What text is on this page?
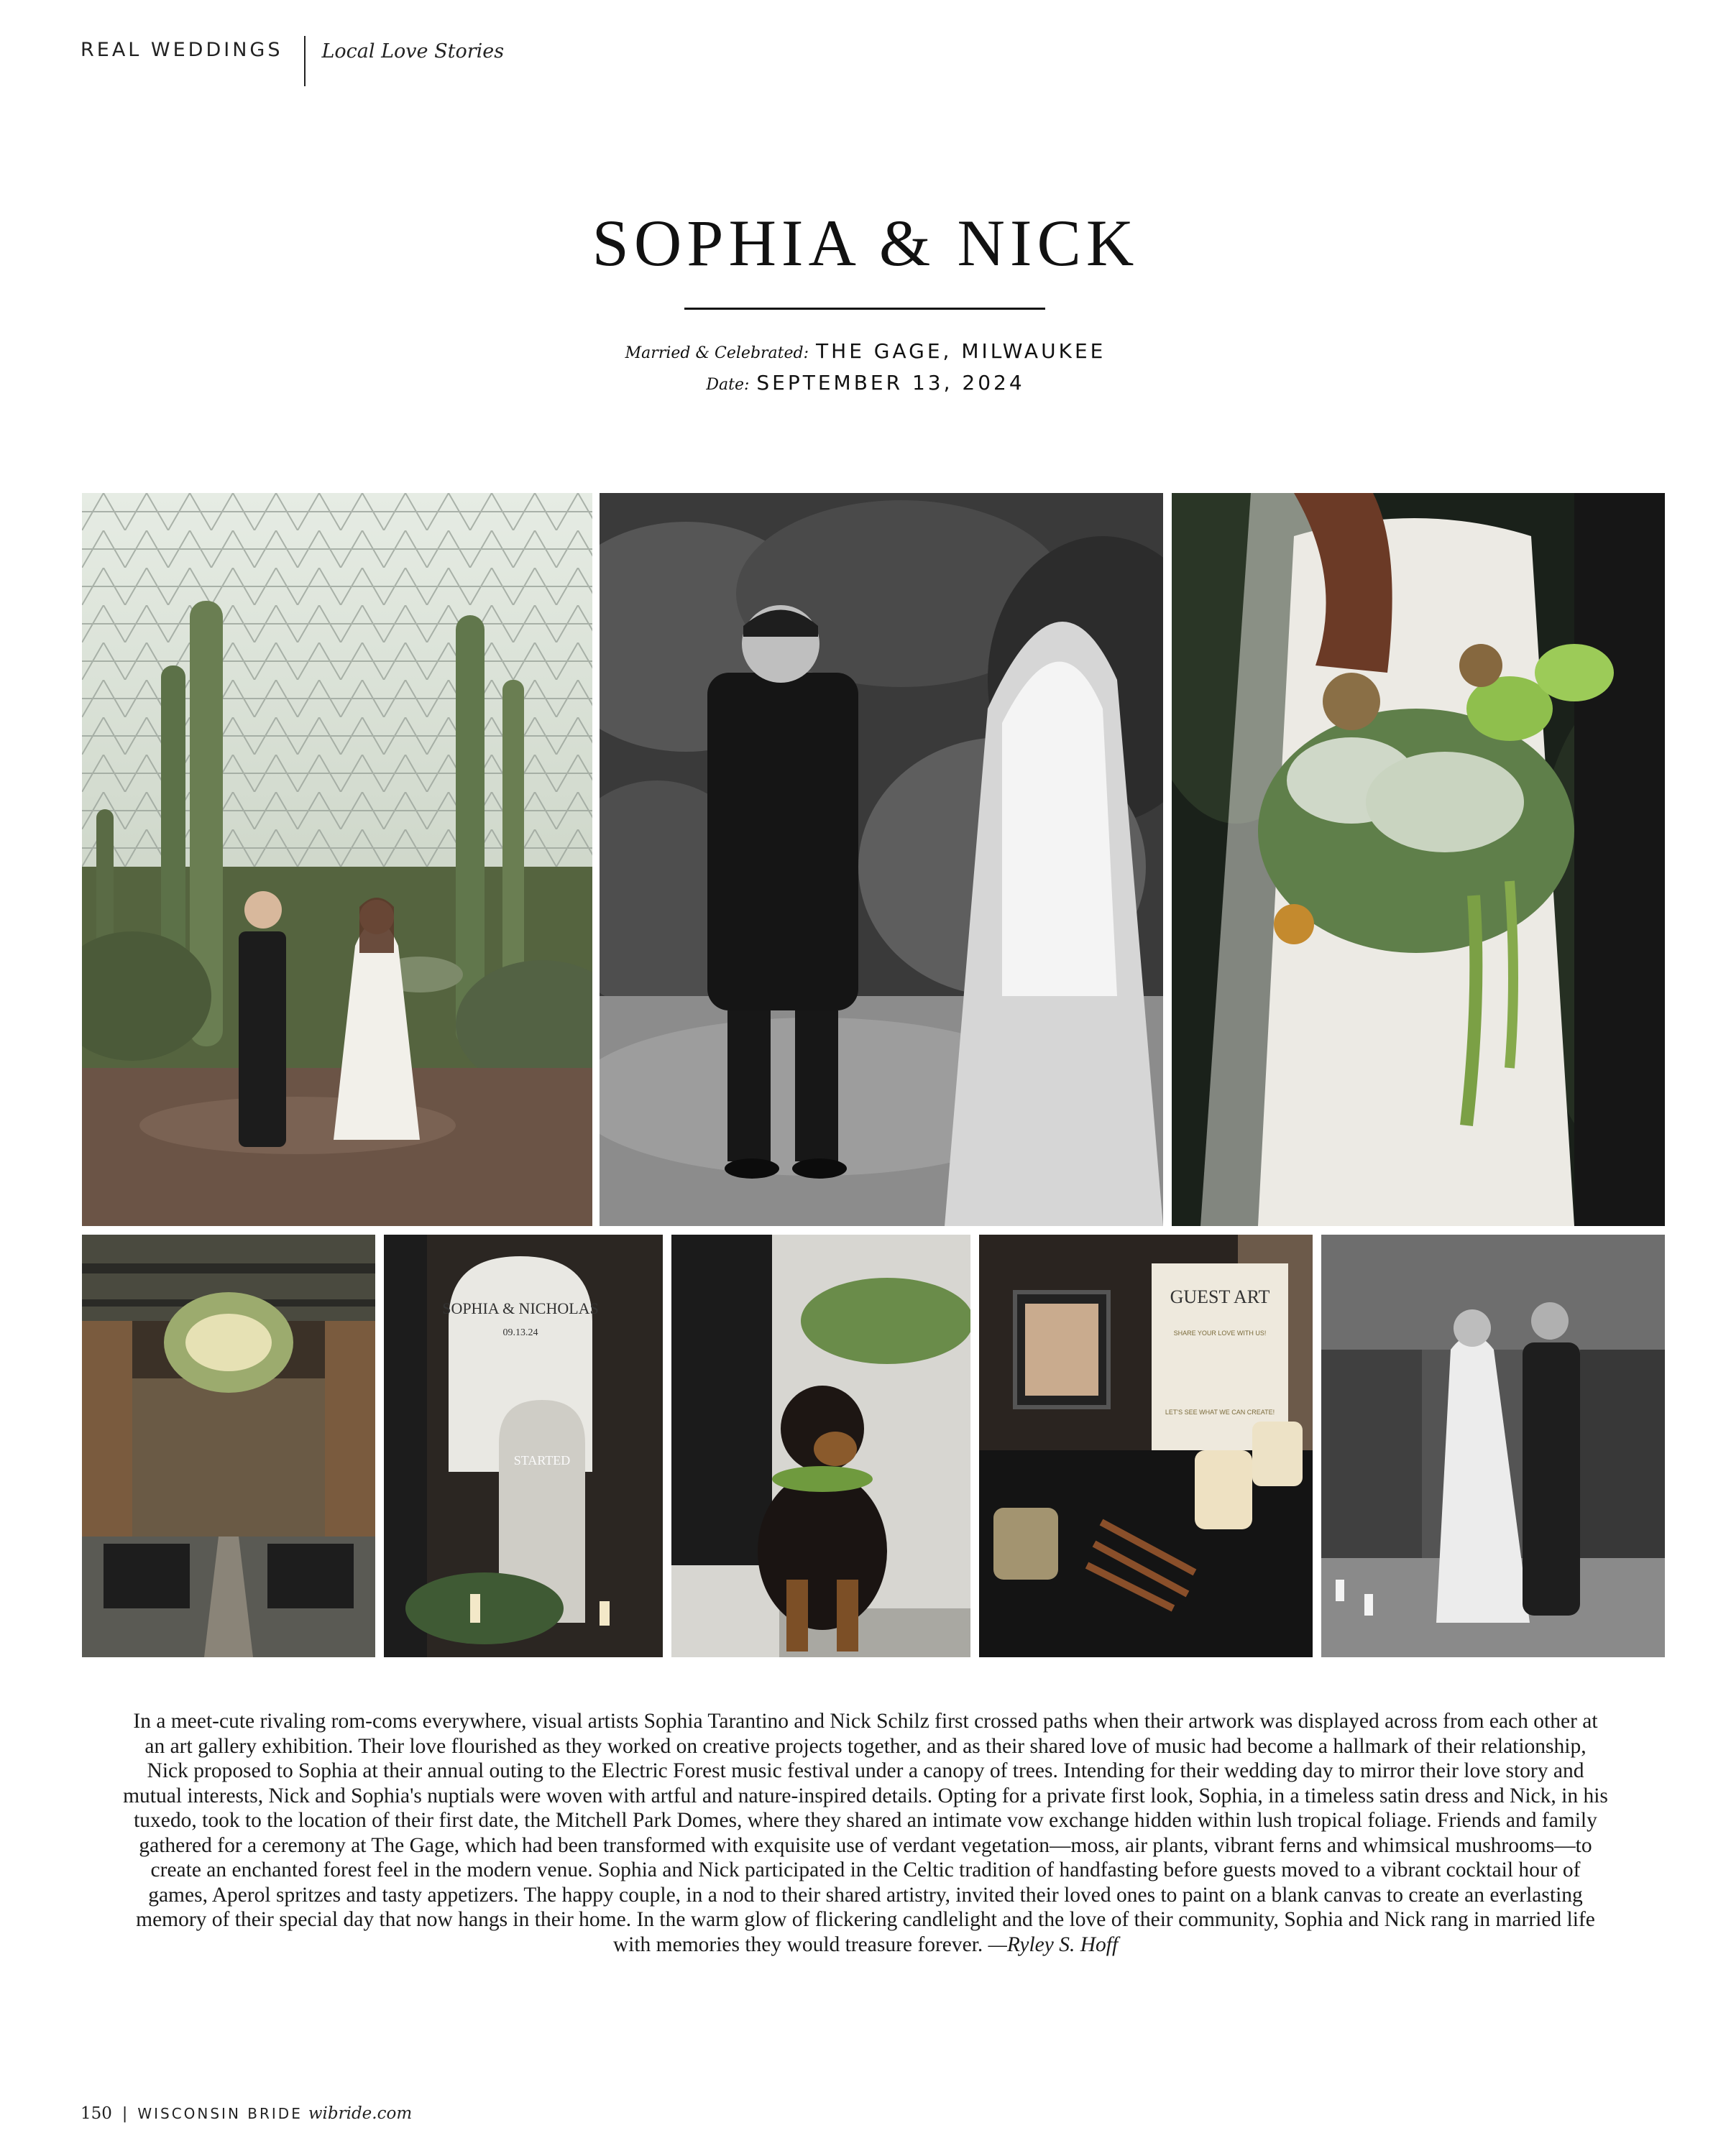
REAL WEDDINGS Local Love Stories
SOPHIA & NICK
Married & Celebrated: THE GAGE, MILWAUKEE
Date: SEPTEMBER 13, 2024
SOPHIA & NICHOLAS
09.13.24
STARTED
GUEST ART
SHARE YOUR LOVE WITH US!
LET'S SEE WHAT WE CAN CREATE!
In a meet-cute rivaling rom-coms everywhere, visual artists Sophia Tarantino and Nick Schilz first crossed paths when their artwork was displayed across from each other at an art gallery exhibition. Their love flourished as they worked on creative projects together, and as their shared love of music had become a hallmark of their relationship, Nick proposed to Sophia at their annual outing to the Electric Forest music festival under a canopy of trees. Intending for their wedding day to mirror their love story and mutual interests, Nick and Sophia's nuptials were woven with artful and nature-inspired details. Opting for a private first look, Sophia, in a timeless satin dress and Nick, in his tuxedo, took to the location of their first date, the Mitchell Park Domes, where they shared an intimate vow exchange hidden within lush tropical foliage. Friends and family gathered for a ceremony at The Gage, which had been transformed with exquisite use of verdant vegetation—moss, air plants, vibrant ferns and whimsical mushrooms—to create an enchanted forest feel in the modern venue. Sophia and Nick participated in the Celtic tradition of handfasting before guests moved to a vibrant cocktail hour of games, Aperol spritzes and tasty appetizers. The happy couple, in a nod to their shared artistry, invited their loved ones to paint on a blank canvas to create an everlasting memory of their special day that now hangs in their home. In the warm glow of flickering candlelight and the love of their community, Sophia and Nick rang in married life with memories they would treasure forever. —Ryley S. Hoff
150 | WISCONSIN BRIDE wibride.com
